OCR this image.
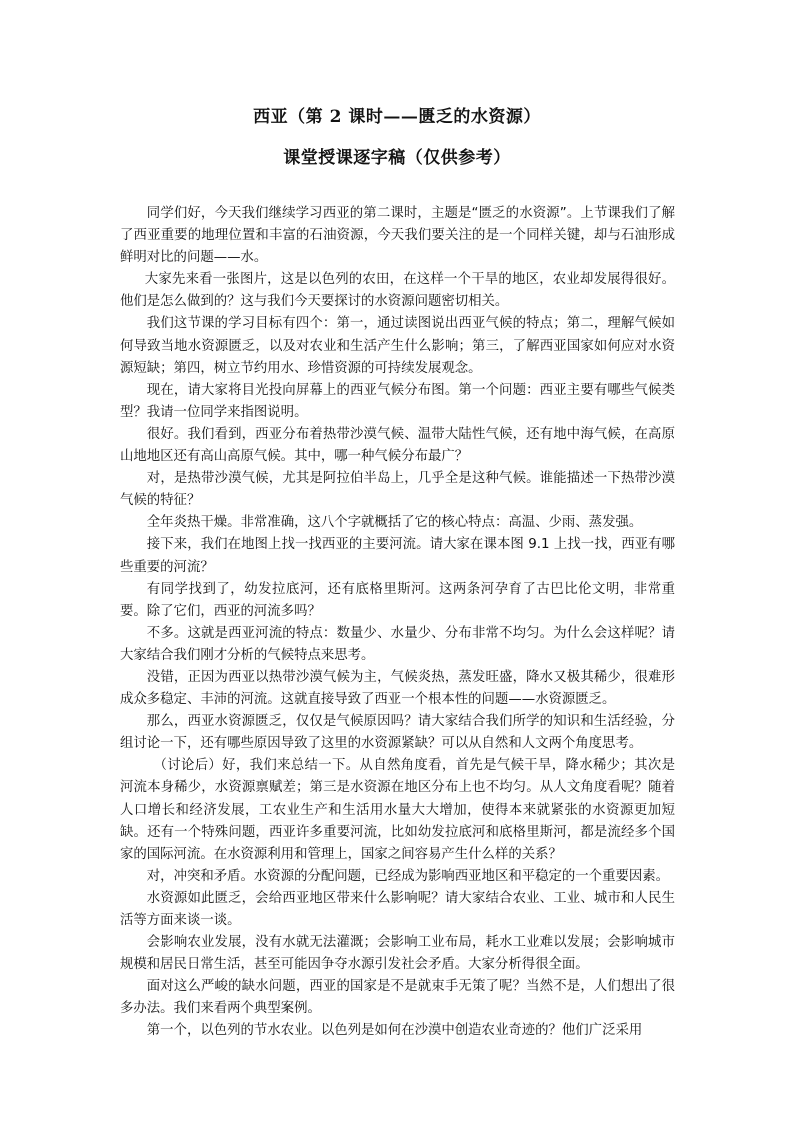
西亚（第 2 课时——匮乏的水资源）
课堂授课逐字稿（仅供参考）

同学们好，今天我们继续学习西亚的第二课时，主题是“匮乏的水资源”。上节课我们了解了西亚重要的地理位置和丰富的石油资源，今天我们要关注的是一个同样关键，却与石油形成鲜明对比的问题——水。

大家先来看一张图片，这是以色列的农田，在这样一个干旱的地区，农业却发展得很好。他们是怎么做到的？这与我们今天要探讨的水资源问题密切相关。

我们这节课的学习目标有四个：第一，通过读图说出西亚气候的特点；第二，理解气候如何导致当地水资源匮乏，以及对农业和生活产生什么影响；第三，了解西亚国家如何应对水资源短缺；第四，树立节约用水、珍惜资源的可持续发展观念。

现在，请大家将目光投向屏幕上的西亚气候分布图。第一个问题：西亚主要有哪些气候类型？我请一位同学来指图说明。

很好。我们看到，西亚分布着热带沙漠气候、温带大陆性气候，还有地中海气候，在高原山地地区还有高山高原气候。其中，哪一种气候分布最广？

对，是热带沙漠气候，尤其是阿拉伯半岛上，几乎全是这种气候。谁能描述一下热带沙漠气候的特征？

全年炎热干燥。非常准确，这八个字就概括了它的核心特点：高温、少雨、蒸发强。

接下来，我们在地图上找一找西亚的主要河流。请大家在课本图 9.1 上找一找，西亚有哪些重要的河流？

有同学找到了，幼发拉底河，还有底格里斯河。这两条河孕育了古巴比伦文明，非常重要。除了它们，西亚的河流多吗？

不多。这就是西亚河流的特点：数量少、水量少、分布非常不均匀。为什么会这样呢？请大家结合我们刚才分析的气候特点来思考。

没错，正因为西亚以热带沙漠气候为主，气候炎热，蒸发旺盛，降水又极其稀少，很难形成众多稳定、丰沛的河流。这就直接导致了西亚一个根本性的问题——水资源匮乏。

那么，西亚水资源匮乏，仅仅是气候原因吗？请大家结合我们所学的知识和生活经验，分组讨论一下，还有哪些原因导致了这里的水资源紧缺？可以从自然和人文两个角度思考。

（讨论后）好，我们来总结一下。从自然角度看，首先是气候干旱，降水稀少；其次是河流本身稀少，水资源禀赋差；第三是水资源在地区分布上也不均匀。从人文角度看呢？随着人口增长和经济发展，工农业生产和生活用水量大大增加，使得本来就紧张的水资源更加短缺。还有一个特殊问题，西亚许多重要河流，比如幼发拉底河和底格里斯河，都是流经多个国家的国际河流。在水资源利用和管理上，国家之间容易产生什么样的关系？

对，冲突和矛盾。水资源的分配问题，已经成为影响西亚地区和平稳定的一个重要因素。

水资源如此匮乏，会给西亚地区带来什么影响呢？请大家结合农业、工业、城市和人民生活等方面来谈一谈。

会影响农业发展，没有水就无法灌溉；会影响工业布局，耗水工业难以发展；会影响城市规模和居民日常生活，甚至可能因争夺水源引发社会矛盾。大家分析得很全面。

面对这么严峻的缺水问题，西亚的国家是不是就束手无策了呢？当然不是，人们想出了很多办法。我们来看两个典型案例。

第一个，以色列的节水农业。以色列是如何在沙漠中创造农业奇迹的？他们广泛采用
